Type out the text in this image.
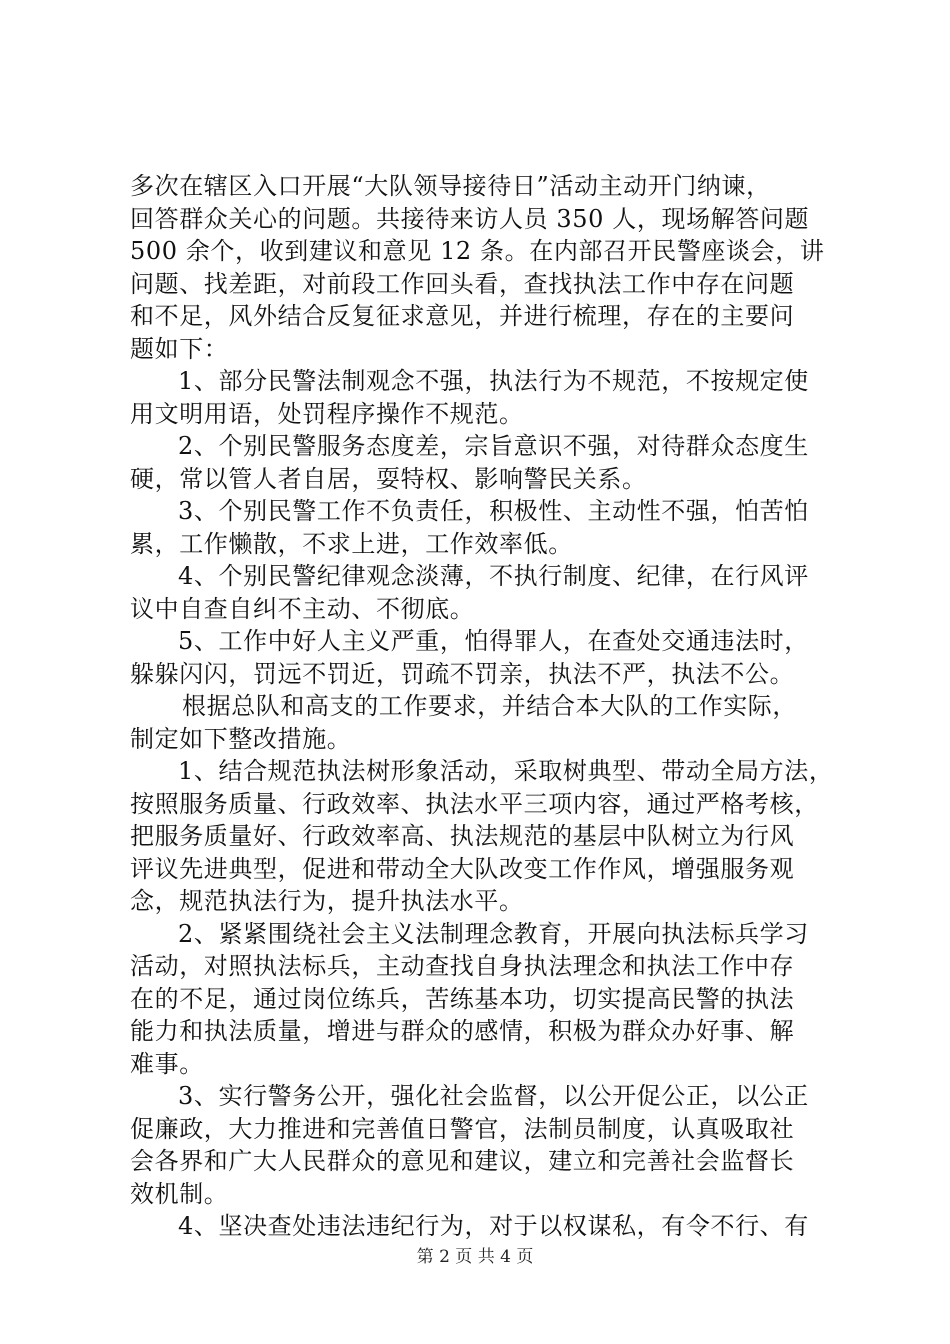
多次在辖区入口开展“大队领导接待日”活动主动开门纳谏，
回答群众关心的问题。共接待来访人员 350 人，现场解答问题
500 余个，收到建议和意见 12 条。在内部召开民警座谈会，讲
问题、找差距，对前段工作回头看，查找执法工作中存在问题
和不足，风外结合反复征求意见，并进行梳理，存在的主要问
题如下：
1、部分民警法制观念不强，执法行为不规范，不按规定使
用文明用语，处罚程序操作不规范。
2、个别民警服务态度差，宗旨意识不强，对待群众态度生
硬，常以管人者自居，耍特权、影响警民关系。
3、个别民警工作不负责任，积极性、主动性不强，怕苦怕
累，工作懒散，不求上进，工作效率低。
4、个别民警纪律观念淡薄，不执行制度、纪律，在行风评
议中自查自纠不主动、不彻底。
5、工作中好人主义严重，怕得罪人，在查处交通违法时，
躲躲闪闪，罚远不罚近，罚疏不罚亲，执法不严，执法不公。
根据总队和高支的工作要求，并结合本大队的工作实际，
制定如下整改措施。
1、结合规范执法树形象活动，采取树典型、带动全局方法，
按照服务质量、行政效率、执法水平三项内容，通过严格考核，
把服务质量好、行政效率高、执法规范的基层中队树立为行风
评议先进典型，促进和带动全大队改变工作作风，增强服务观
念，规范执法行为，提升执法水平。
2、紧紧围绕社会主义法制理念教育，开展向执法标兵学习
活动，对照执法标兵，主动查找自身执法理念和执法工作中存
在的不足，通过岗位练兵，苦练基本功，切实提高民警的执法
能力和执法质量，增进与群众的感情，积极为群众办好事、解
难事。
3、实行警务公开，强化社会监督，以公开促公正，以公正
促廉政，大力推进和完善值日警官，法制员制度，认真吸取社
会各界和广大人民群众的意见和建议，建立和完善社会监督长
效机制。
4、坚决查处违法违纪行为，对于以权谋私，有令不行、有
第 2 页 共 4 页
